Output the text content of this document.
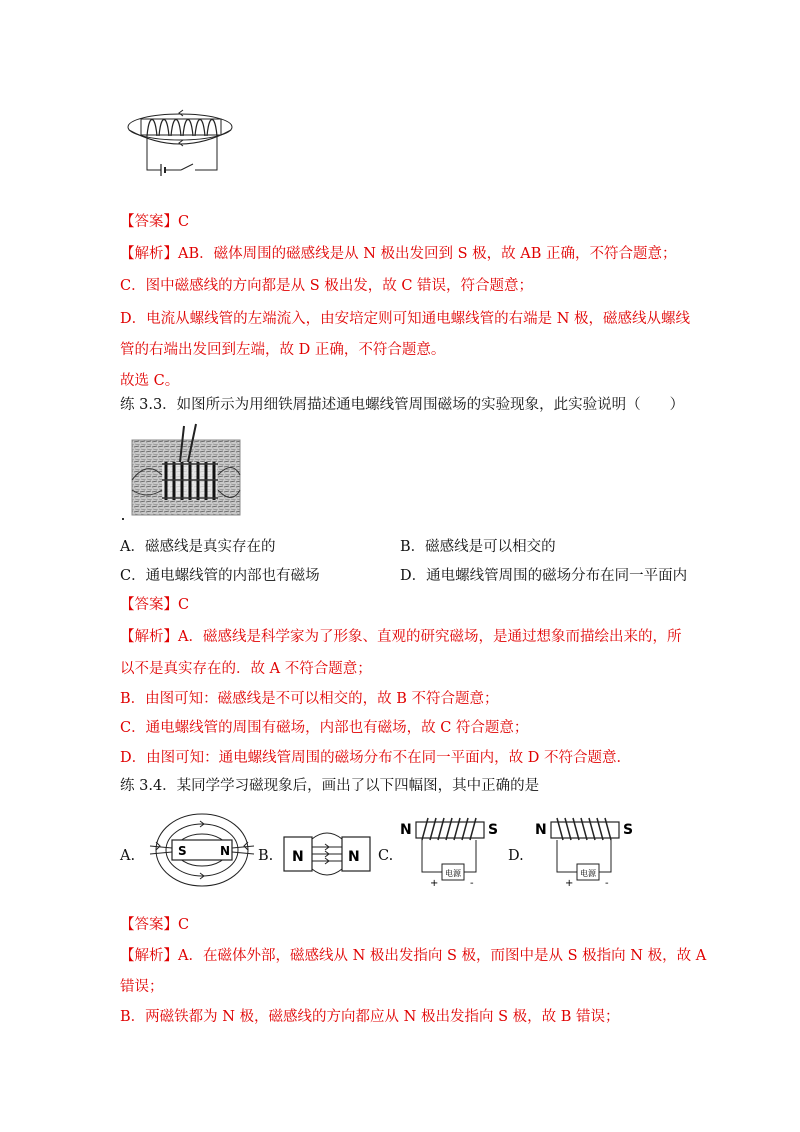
【答案】C
【解析】AB．磁体周围的磁感线是从 N 极出发回到 S 极，故 AB 正确，不符合题意；
C．图中磁感线的方向都是从 S 极出发，故 C 错误，符合题意；
D．电流从螺线管的左端流入，由安培定则可知通电螺线管的右端是 N 极，磁感线从螺线
管的右端出发回到左端，故 D 正确，不符合题意。
故选 C。
练 3.3．如图所示为用细铁屑描述通电螺线管周围磁场的实验现象，此实验说明（　　）
A．磁感线是真实存在的	B．磁感线是可以相交的
C．通电螺线管的内部也有磁场	D．通电螺线管周围的磁场分布在同一平面内
【答案】C
【解析】A．磁感线是科学家为了形象、直观的研究磁场，是通过想象而描绘出来的，所
以不是真实存在的．故 A 不符合题意；
B．由图可知：磁感线是不可以相交的，故 B 不符合题意；
C．通电螺线管的周围有磁场，内部也有磁场，故 C 符合题意；
D．由图可知：通电螺线管周围的磁场分布不在同一平面内，故 D 不符合题意．
练 3.4．某同学学习磁现象后，画出了以下四幅图，其中正确的是
A.	S	N B. N	N C.
N	S
电源
+	-
D.
N	S
电源
+	-
【答案】C
【解析】A．在磁体外部，磁感线从 N 极出发指向 S 极，而图中是从 S 极指向 N 极，故 A
错误；
B．两磁铁都为 N 极，磁感线的方向都应从 N 极出发指向 S 极，故 B 错误；
